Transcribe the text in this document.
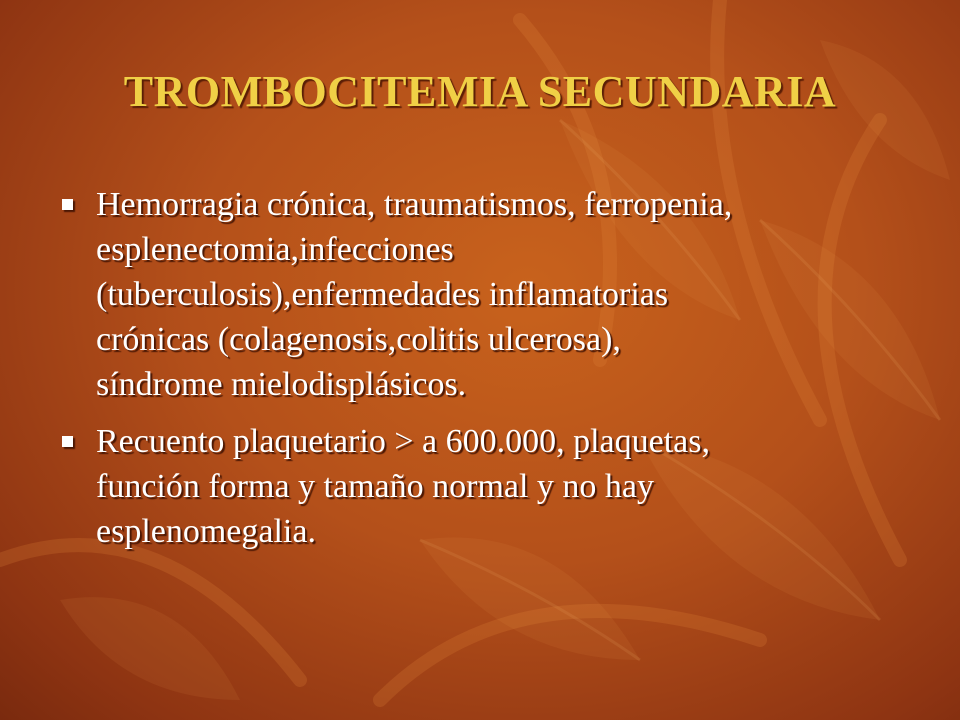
TROMBOCITEMIA SECUNDARIA
Hemorragia crónica, traumatismos, ferropenia,
esplenectomia,infecciones
(tuberculosis),enfermedades inflamatorias
crónicas (colagenosis,colitis ulcerosa),
síndrome mielodisplásicos.
Recuento plaquetario > a 600.000, plaquetas,
función forma y tamaño normal y no hay
esplenomegalia.
